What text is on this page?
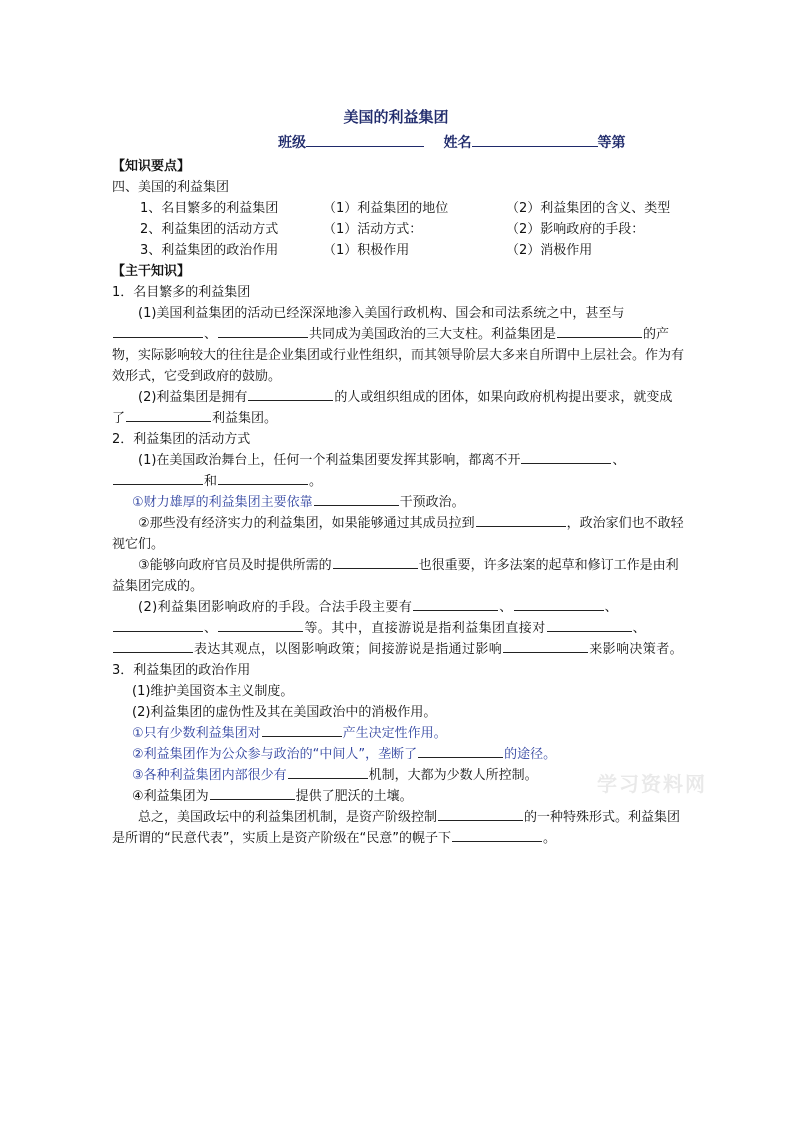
美国的利益集团
班级	姓名	等第

【知识要点】

四、美国的利益集团

1、名目繁多的利益集团	（1）利益集团的地位	（2）利益集团的含义、类型
2、利益集团的活动方式	（1）活动方式：	（2）影响政府的手段：
3、利益集团的政治作用	（1）积极作用	（2）消极作用

【主干知识】

1．名目繁多的利益集团

(1)美国利益集团的活动已经深深地渗入美国行政机构、国会和司法系统之中，甚至与、	共同成为美国政治的三大支柱。利益集团是	的产物，实际影响较大的往往是企业集团或行业性组织，而其领导阶层大多来自所谓中上层社会。作为有效形式，它受到政府的鼓励。

(2)利益集团是拥有	的人或组织组成的团体，如果向政府机构提出要求，就变成了	利益集团。

2．利益集团的活动方式

(1)在美国政治舞台上，任何一个利益集团要发挥其影响，都离不开	、和	。

①财力雄厚的利益集团主要依靠	干预政治。

②那些没有经济实力的利益集团，如果能够通过其成员拉到	，政治家们也不敢轻视它们。

③能够向政府官员及时提供所需的	也很重要，许多法案的起草和修订工作是由利益集团完成的。

(2)利益集团影响政府的手段。合法手段主要有	、	、、	等。其中，直接游说是指利益集团直接对	、表达其观点，以图影响政策；间接游说是指通过影响	来影响决策者。

3．利益集团的政治作用

(1)维护美国资本主义制度。

(2)利益集团的虚伪性及其在美国政治中的消极作用。

①只有少数利益集团对	产生决定性作用。

②利益集团作为公众参与政治的“中间人”，垄断了	的途径。

③各种利益集团内部很少有	机制，大都为少数人所控制。

④利益集团为	提供了肥沃的土壤。

总之，美国政坛中的利益集团机制，是资产阶级控制	的一种特殊形式。利益集团是所谓的“民意代表”，实质上是资产阶级在“民意”的幌子下	。

学习资料网
